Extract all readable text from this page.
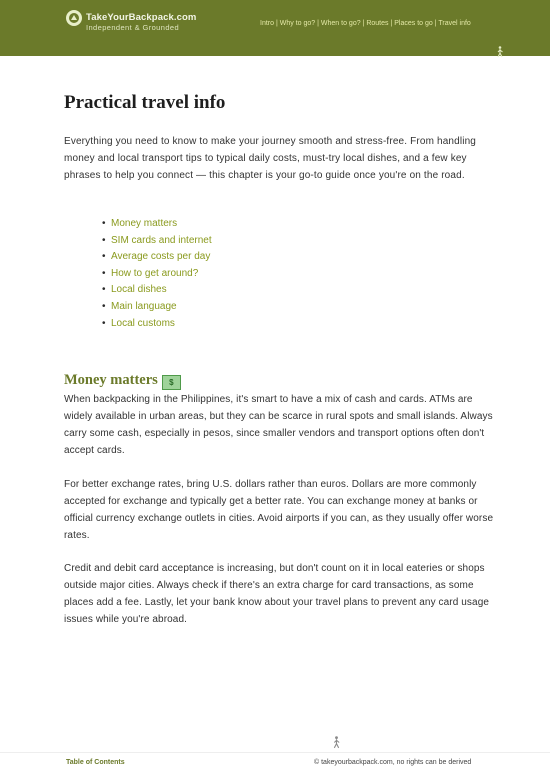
TakeYourBackpack.com
Independent & Grounded	Intro | Why to go? | When to go? | Routes | Places to go | Travel info
Practical travel info

Everything you need to know to make your journey smooth and stress-free. From handling money and local transport tips to typical daily costs, must-try local dishes, and a few key phrases to help you connect — this chapter is your go-to guide once you're on the road.

• Money matters
• SIM cards and internet
• Average costs per day
• How to get around?
• Local dishes
• Main language
• Local customs
Money matters $

When backpacking in the Philippines, it's smart to have a mix of cash and cards. ATMs are widely available in urban areas, but they can be scarce in rural spots and small islands. Always carry some cash, especially in pesos, since smaller vendors and transport options often don't accept cards.

For better exchange rates, bring U.S. dollars rather than euros. Dollars are more commonly accepted for exchange and typically get a better rate. You can exchange money at banks or official currency exchange outlets in cities. Avoid airports if you can, as they usually offer worse rates.

Credit and debit card acceptance is increasing, but don't count on it in local eateries or shops outside major cities. Always check if there's an extra charge for card transactions, as some places add a fee. Lastly, let your bank know about your travel plans to prevent any card usage issues while you're abroad.

Table of Contents	© takeyourbackpack.com, no rights can be derived
